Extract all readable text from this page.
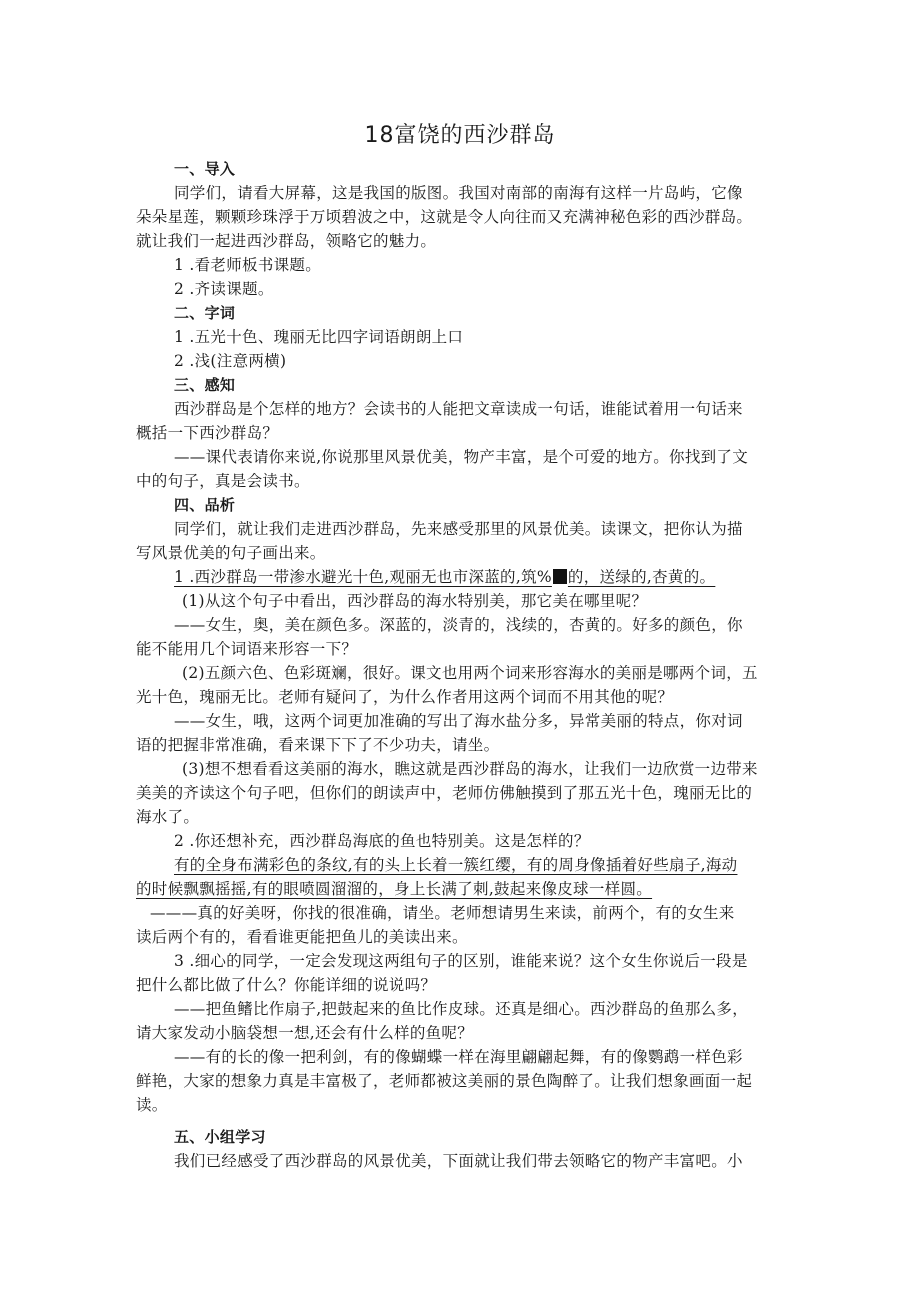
18富饶的西沙群岛
一、导入
同学们，请看大屏幕，这是我国的版图。我国对南部的南海有这样一片岛屿，它像
朵朵星莲，颗颗珍珠浮于万顷碧波之中，这就是令人向往而又充满神秘色彩的西沙群岛。
就让我们一起进西沙群岛，领略它的魅力。
1 .看老师板书课题。
2 .齐读课题。
二、字词
1 .五光十色、瑰丽无比四字词语朗朗上口
2 .浅(注意两横)
三、感知
西沙群岛是个怎样的地方？会读书的人能把文章读成一句话，谁能试着用一句话来
概括一下西沙群岛？
——课代表请你来说,你说那里风景优美，物产丰富，是个可爱的地方。你找到了文
中的句子，真是会读书。
四、品析
同学们，就让我们走进西沙群岛，先来感受那里的风景优美。读课文，把你认为描
写风景优美的句子画出来。
1 .西沙群岛一带渗水避光十色,观丽无也市深蓝的,筑% 的，送绿的,杏黄的。
(1)从这个句子中看出，西沙群岛的海水特别美，那它美在哪里呢？
——女生，奥，美在颜色多。深蓝的，淡青的，浅续的，杏黄的。好多的颜色，你
能不能用几个词语来形容一下？
(2)五颜六色、色彩斑斓，很好。课文也用两个词来形容海水的美丽是哪两个词，五
光十色，瑰丽无比。老师有疑问了，为什么作者用这两个词而不用其他的呢？
——女生，哦，这两个词更加准确的写出了海水盐分多，异常美丽的特点，你对词
语的把握非常准确，看来课下下了不少功夫，请坐。
(3)想不想看看这美丽的海水，瞧这就是西沙群岛的海水，让我们一边欣赏一边带来
美美的齐读这个句子吧，但你们的朗读声中，老师仿佛触摸到了那五光十色，瑰丽无比的
海水了。
2 .你还想补充，西沙群岛海底的鱼也特别美。这是怎样的？
有的全身布满彩色的条纹,有的头上长着一簇红缨，有的周身像插着好些扇子,海动
的时候飘飘摇摇,有的眼喷圆溜溜的，身上长满了刺,鼓起来像皮球一样圆。
———真的好美呀，你找的很准确，请坐。老师想请男生来读，前两个，有的女生来
读后两个有的，看看谁更能把鱼儿的美读出来。
3 .细心的同学，一定会发现这两组句子的区别，谁能来说？这个女生你说后一段是
把什么都比做了什么？你能详细的说说吗？
——把鱼鳍比作扇子,把鼓起来的鱼比作皮球。还真是细心。西沙群岛的鱼那么多，
请大家发动小脑袋想一想,还会有什么样的鱼呢？
——有的长的像一把利剑，有的像蝴蝶一样在海里翩翩起舞，有的像鹦鹉一样色彩
鲜艳，大家的想象力真是丰富极了，老师都被这美丽的景色陶醉了。让我们想象画面一起
读。
五、小组学习
我们已经感受了西沙群岛的风景优美，下面就让我们带去领略它的物产丰富吧。小
